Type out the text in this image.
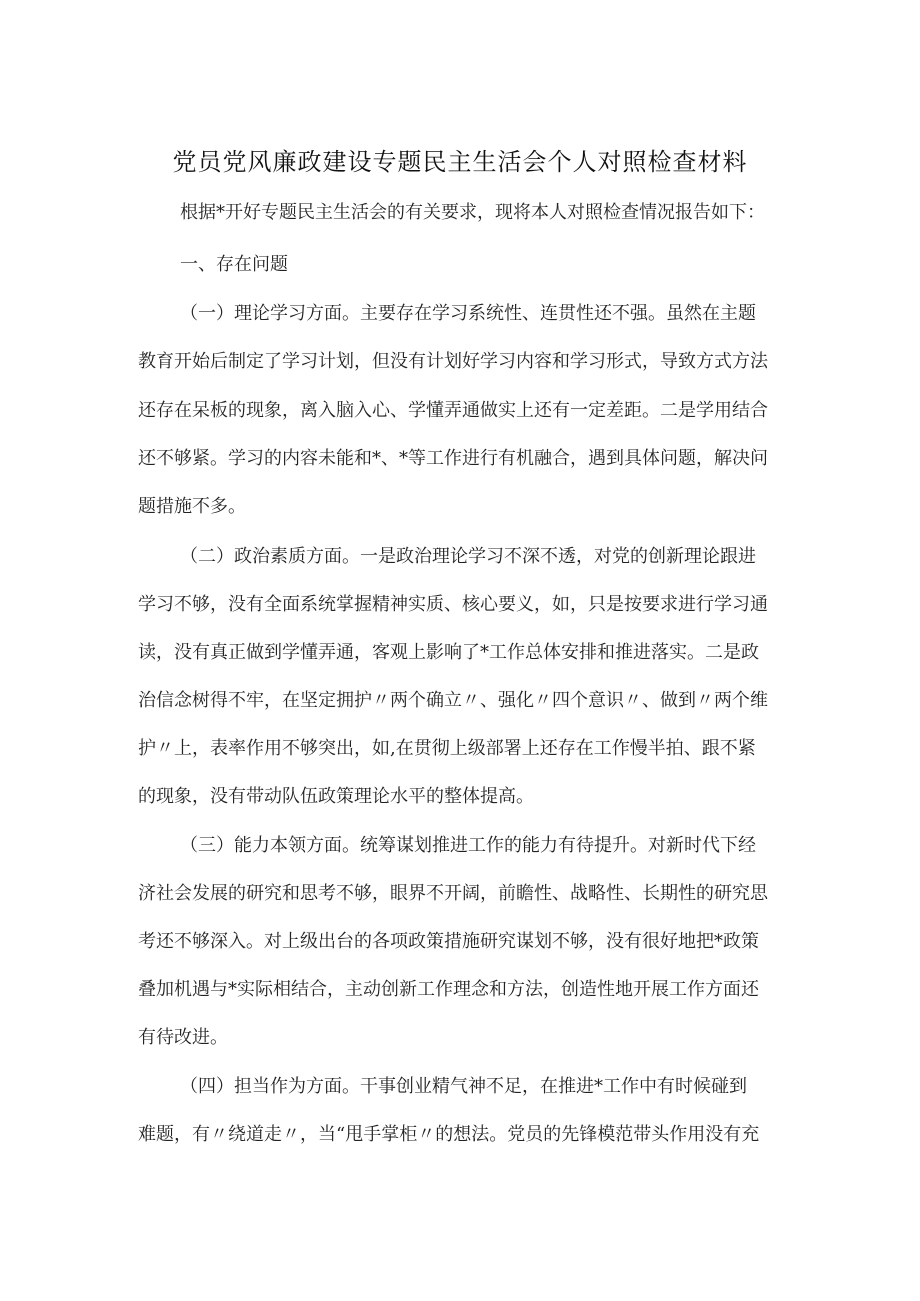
党员党风廉政建设专题民主生活会个人对照检查材料
根据*开好专题民主生活会的有关要求，现将本人对照检查情况报告如下：
一、存在问题
（一）理论学习方面。主要存在学习系统性、连贯性还不强。虽然在主题
教育开始后制定了学习计划，但没有计划好学习内容和学习形式，导致方式方法
还存在呆板的现象，离入脑入心、学懂弄通做实上还有一定差距。二是学用结合
还不够紧。学习的内容未能和*、*等工作进行有机融合，遇到具体问题，解决问
题措施不多。
（二）政治素质方面。一是政治理论学习不深不透，对党的创新理论跟进
学习不够，没有全面系统掌握精神实质、核心要义，如，只是按要求进行学习通
读，没有真正做到学懂弄通，客观上影响了*工作总体安排和推进落实。二是政
治信念树得不牢，在坚定拥护〃两个确立〃、强化〃四个意识〃、做到〃两个维
护〃上，表率作用不够突出，如,在贯彻上级部署上还存在工作慢半拍、跟不紧
的现象，没有带动队伍政策理论水平的整体提高。
（三）能力本领方面。统筹谋划推进工作的能力有待提升。对新时代下经
济社会发展的研究和思考不够，眼界不开阔，前瞻性、战略性、长期性的研究思
考还不够深入。对上级出台的各项政策措施研究谋划不够，没有很好地把*政策
叠加机遇与*实际相结合，主动创新工作理念和方法，创造性地开展工作方面还
有待改进。
（四）担当作为方面。干事创业精气神不足，在推进*工作中有时候碰到
难题，有〃绕道走〃，当“甩手掌柜〃的想法。党员的先锋模范带头作用没有充
